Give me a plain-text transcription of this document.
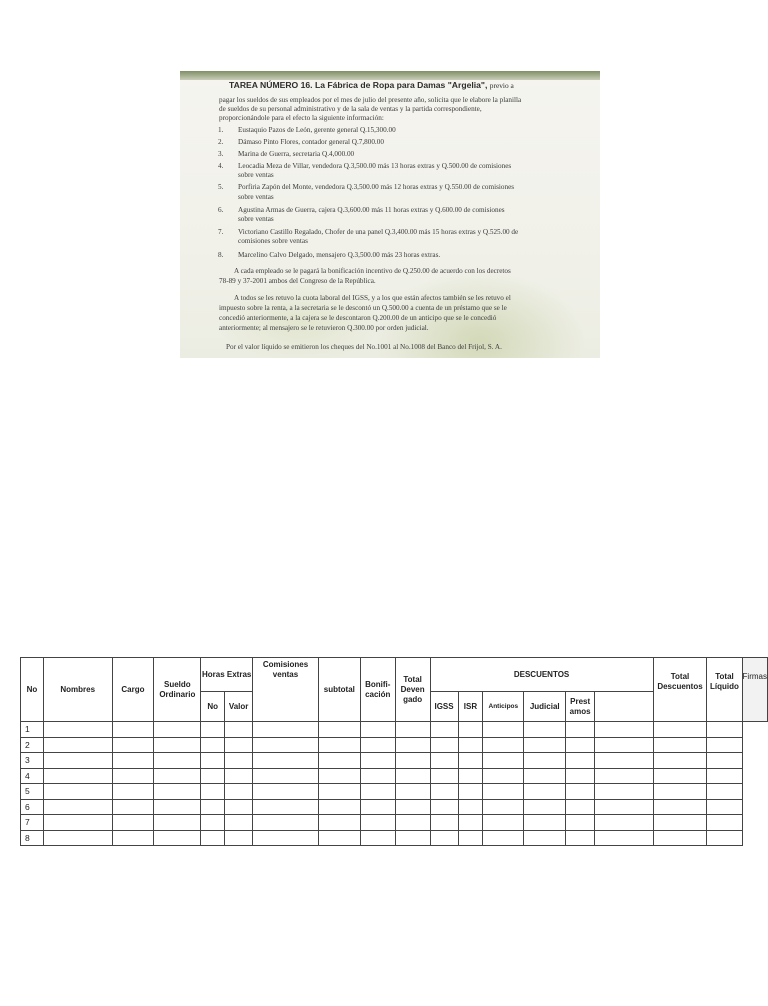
TAREA NÚMERO 16. La Fábrica de Ropa para Damas "Argelia", previo a
pagar los sueldos de sus empleados por el mes de julio del presente año, solicita que le elabore la planilla
de sueldos de su personal administrativo y de la sala de ventas y la partida correspondiente,
proporcionándole para el efecto la siguiente información:
1. Eustaquio Pazos de León, gerente general Q.15,300.00
2. Dámaso Pinto Flores, contador general Q.7,800.00
3. Marina de Guerra, secretaria Q.4,000.00
4. Leocadia Meza de Villar, vendedora Q.3,500.00 más 13 horas extras y Q.500.00 de comisiones
sobre ventas
5. Porfiria Zapón del Monte, vendedora Q.3,500.00 más 12 horas extras y Q.550.00 de comisiones
sobre ventas
6. Agustina Armas de Guerra, cajera Q.3,600.00 más 11 horas extras y Q.600.00 de comisiones
sobre ventas
7. Victoriano Castillo Regalado, Chofer de una panel Q.3,400.00 más 15 horas extras y Q.525.00 de
comisiones sobre ventas
8. Marcelino Calvo Delgado, mensajero Q.3,500.00 más 23 horas extras.
A cada empleado se le pagará la bonificación incentivo de Q.250.00 de acuerdo con los decretos
78-89 y 37-2001 ambos del Congreso de la República.
A todos se les retuvo la cuota laboral del IGSS, y a los que están afectos también se les retuvo el
impuesto sobre la renta, a la secretaria se le descontó un Q.500.00 a cuenta de un préstamo que se le
concedió anteriormente, a la cajera se le descontaron Q.200.00 de un anticipo que se le concedió
anteriormente; al mensajero se le retuvieron Q.300.00 por orden judicial.
Por el valor líquido se emitieron los cheques del No.1001 al No.1008 del Banco del Frijol, S. A.
No	Nombres	Cargo	Sueldo Ordinario	Horas Extras		Comisiones ventas	subtotal	Bonifi- cación	Total Deven gado	DESCUENTOS						Total Descuentos	Total Líquido	Firmas
				No	Valor					IGSS	ISR	Anticipos	Judicial	Prest amos			
1																		
2																		
3																		
4																		
5																		
6																		
7																		
8																		
